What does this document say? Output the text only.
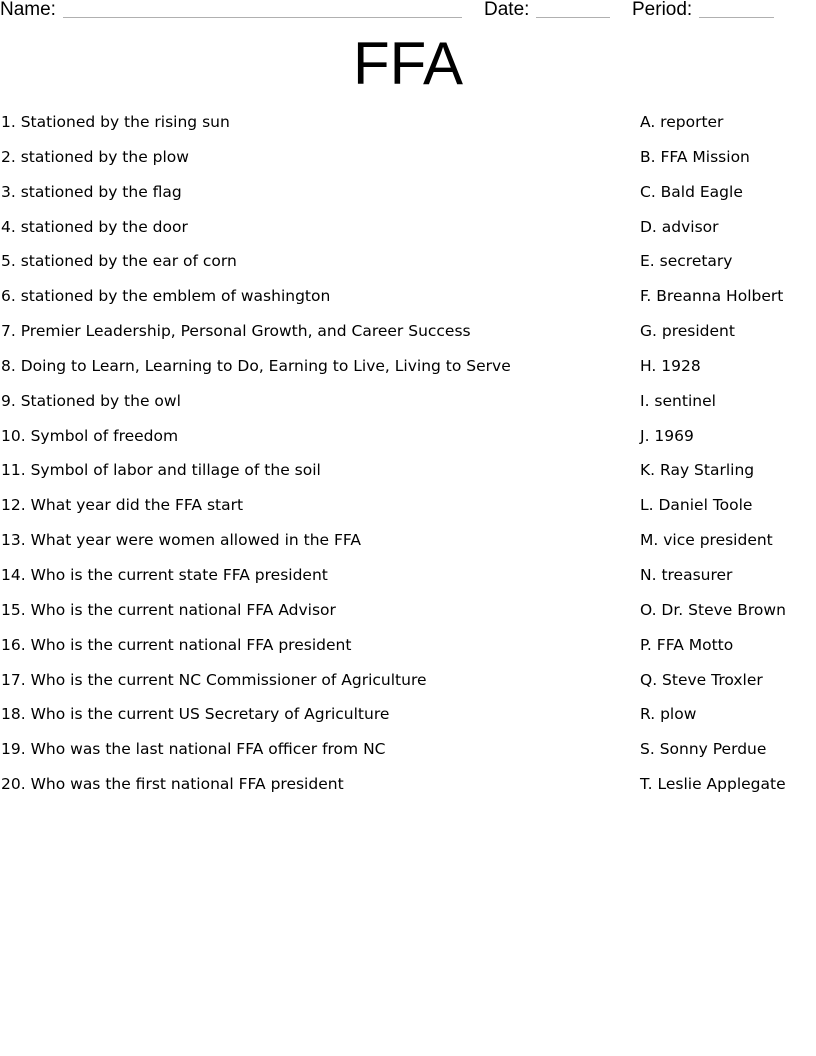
Name:	Date:	Period:
FFA
1. Stationed by the rising sun	A. reporter
2. stationed by the plow	B. FFA Mission
3. stationed by the flag	C. Bald Eagle
4. stationed by the door	D. advisor
5. stationed by the ear of corn	E. secretary
6. stationed by the emblem of washington	F. Breanna Holbert
7. Premier Leadership, Personal Growth, and Career Success	G. president
8. Doing to Learn, Learning to Do, Earning to Live, Living to Serve	H. 1928
9. Stationed by the owl	I. sentinel
10. Symbol of freedom	J. 1969
11. Symbol of labor and tillage of the soil	K. Ray Starling
12. What year did the FFA start	L. Daniel Toole
13. What year were women allowed in the FFA	M. vice president
14. Who is the current state FFA president	N. treasurer
15. Who is the current national FFA Advisor	O. Dr. Steve Brown
16. Who is the current national FFA president	P. FFA Motto
17. Who is the current NC Commissioner of Agriculture	Q. Steve Troxler
18. Who is the current US Secretary of Agriculture	R. plow
19. Who was the last national FFA officer from NC	S. Sonny Perdue
20. Who was the first national FFA president	T. Leslie Applegate
